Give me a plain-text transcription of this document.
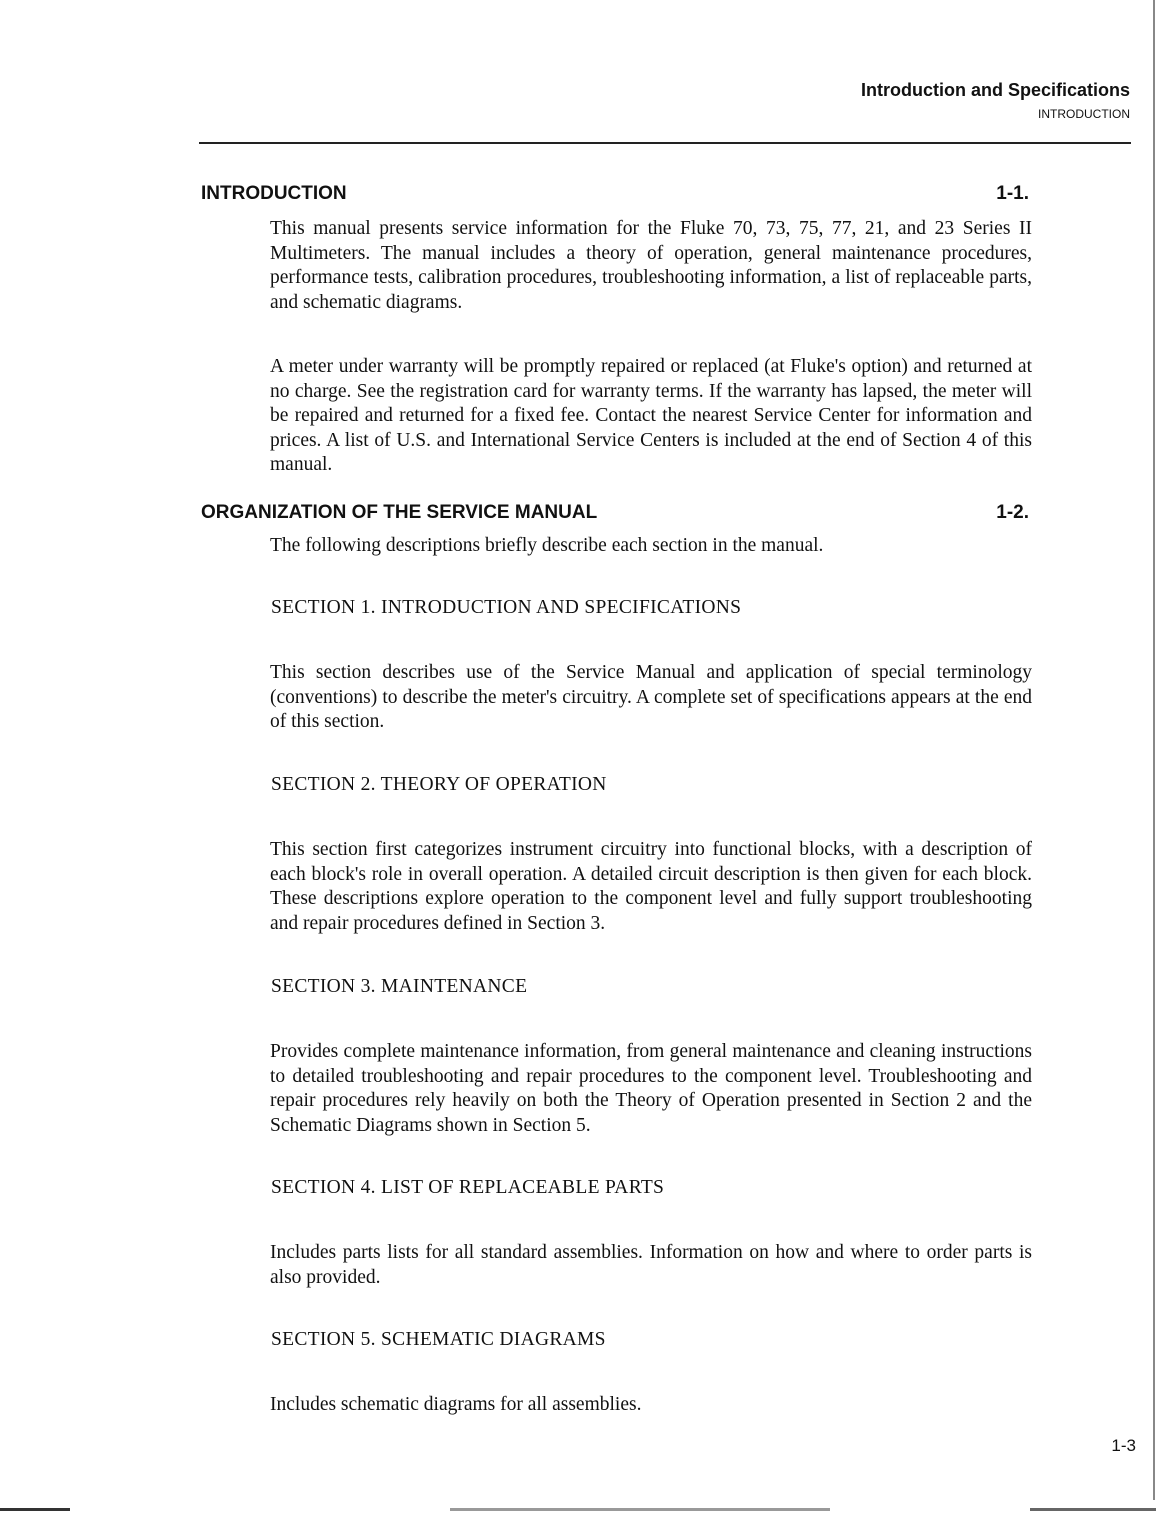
Introduction and Specifications
INTRODUCTION
INTRODUCTION	1-1.

This manual presents service information for the Fluke 70, 73, 75, 77, 21, and 23 Series II Multimeters. The manual includes a theory of operation, general maintenance procedures, performance tests, calibration procedures, troubleshooting information, a list of replaceable parts, and schematic diagrams.

A meter under warranty will be promptly repaired or replaced (at Fluke's option) and returned at no charge. See the registration card for warranty terms. If the warranty has lapsed, the meter will be repaired and returned for a fixed fee. Contact the nearest Service Center for information and prices. A list of U.S. and International Service Centers is included at the end of Section 4 of this manual.

ORGANIZATION OF THE SERVICE MANUAL	1-2.

The following descriptions briefly describe each section in the manual.

SECTION 1. INTRODUCTION AND SPECIFICATIONS

This section describes use of the Service Manual and application of special terminology (conventions) to describe the meter's circuitry. A complete set of specifications appears at the end of this section.

SECTION 2. THEORY OF OPERATION

This section first categorizes instrument circuitry into functional blocks, with a description of each block's role in overall operation. A detailed circuit description is then given for each block. These descriptions explore operation to the component level and fully support troubleshooting and repair procedures defined in Section 3.

SECTION 3. MAINTENANCE

Provides complete maintenance information, from general maintenance and cleaning instructions to detailed troubleshooting and repair procedures to the component level. Troubleshooting and repair procedures rely heavily on both the Theory of Operation presented in Section 2 and the Schematic Diagrams shown in Section 5.

SECTION 4. LIST OF REPLACEABLE PARTS

Includes parts lists for all standard assemblies. Information on how and where to order parts is also provided.

SECTION 5. SCHEMATIC DIAGRAMS

Includes schematic diagrams for all assemblies.

1-3
